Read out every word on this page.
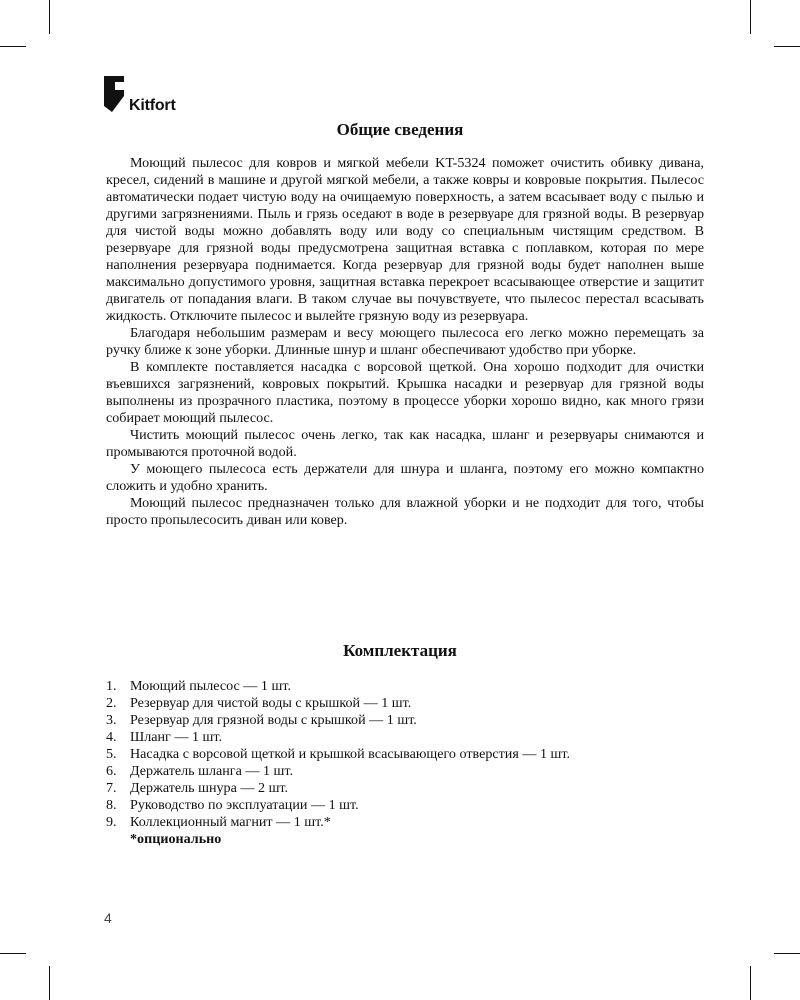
Kitfort
Общие сведения

Моющий пылесос для ковров и мягкой мебели KT-5324 поможет очистить обивку дивана, кресел, сидений в машине и другой мягкой мебели, а также ковры и ковровые покрытия. Пылесос автоматически подает чистую воду на очищаемую поверхность, а затем всасывает воду с пылью и другими загрязнениями. Пыль и грязь оседают в воде в резервуаре для грязной воды. В резервуар для чистой воды можно добавлять воду или воду со специальным чистящим средством. В резервуаре для грязной воды предусмотрена защитная вставка с поплавком, которая по мере наполнения резервуара поднимается. Когда резервуар для грязной воды будет наполнен выше максимально допустимого уровня, защитная вставка перекроет всасывающее отверстие и защитит двигатель от попадания влаги. В таком случае вы почувствуете, что пылесос перестал всасывать жидкость. Отключите пылесос и вылейте грязную воду из резервуара.

Благодаря небольшим размерам и весу моющего пылесоса его легко можно перемещать за ручку ближе к зоне уборки. Длинные шнур и шланг обеспечивают удобство при уборке.

В комплекте поставляется насадка с ворсовой щеткой. Она хорошо подходит для очистки въевшихся загрязнений, ковровых покрытий. Крышка насадки и резервуар для грязной воды выполнены из прозрачного пластика, поэтому в процессе уборки хорошо видно, как много грязи собирает моющий пылесос.

Чистить моющий пылесос очень легко, так как насадка, шланг и резервуары снимаются и промываются проточной водой.

У моющего пылесоса есть держатели для шнура и шланга, поэтому его можно компактно сложить и удобно хранить.

Моющий пылесос предназначен только для влажной уборки и не подходит для того, чтобы просто пропылесосить диван или ковер.

Комплектация
1. Моющий пылесос — 1 шт.
2. Резервуар для чистой воды с крышкой — 1 шт.
3. Резервуар для грязной воды с крышкой — 1 шт.
4. Шланг — 1 шт.
5. Насадка с ворсовой щеткой и крышкой всасывающего отверстия — 1 шт.
6. Держатель шланга — 1 шт.
7. Держатель шнура — 2 шт.
8. Руководство по эксплуатации — 1 шт.
9. Коллекционный магнит — 1 шт.*
*опционально
4
